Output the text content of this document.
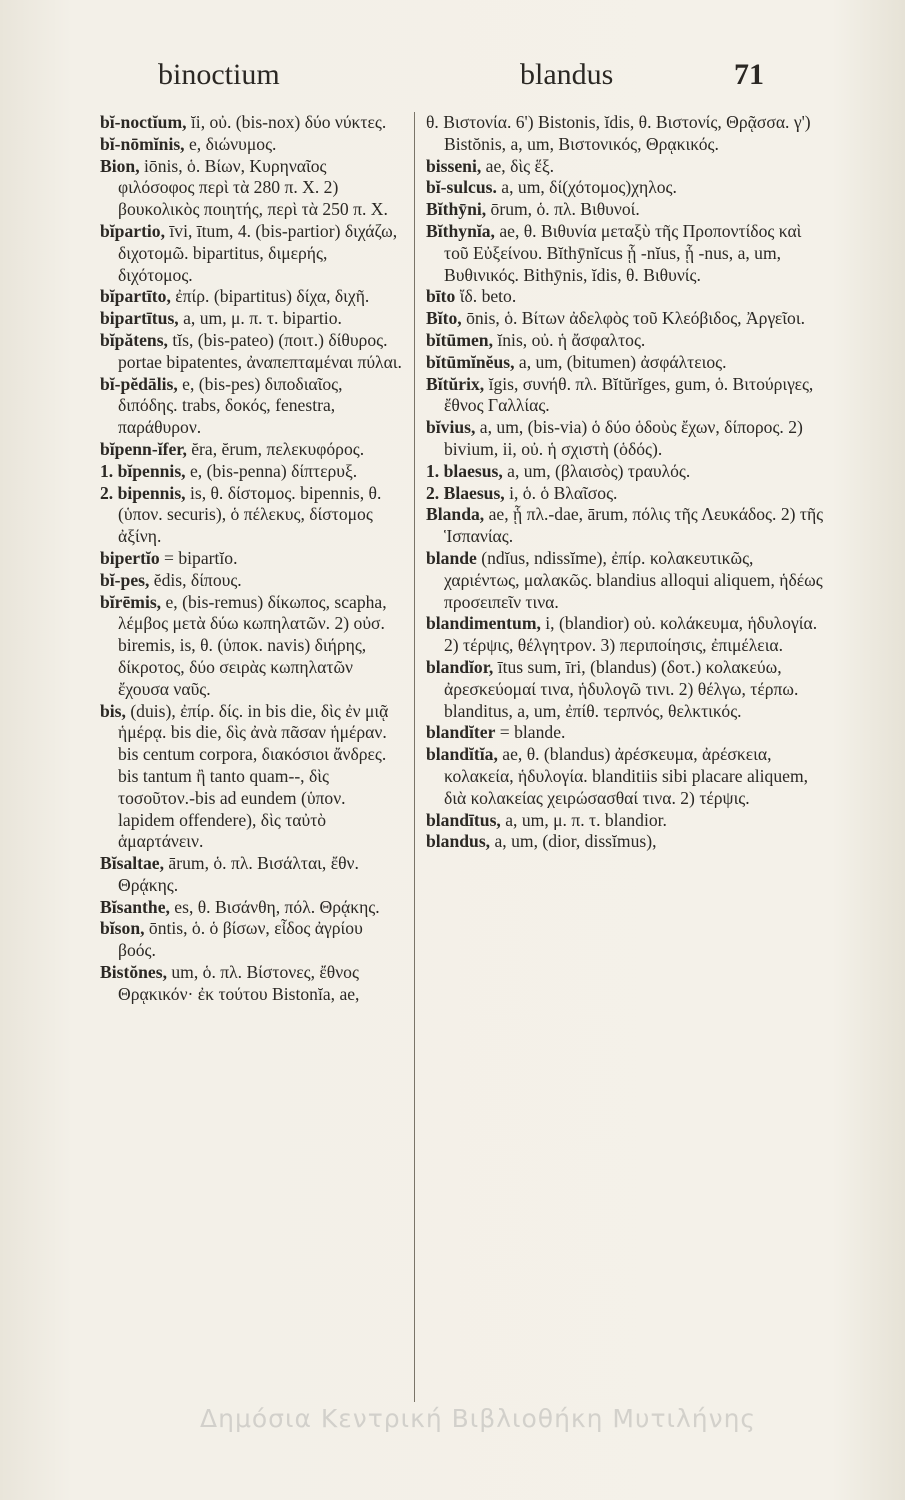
binoctium	blandus	71

bĭ-noctĭum, ĭi, οὐ. (bis-nox) δύο νύκτες.

bĭ-nōmĭnis, e, διώνυμος.

Bion, iōnis, ὁ. Βίων, Κυρηναῖος φιλόσοφος περὶ τὰ 280 π. Χ. 2) βουκολικὸς ποιητής, περὶ τὰ 250 π. Χ.

bĭpartio, īvi, ītum, 4. (bis-partior) διχάζω, διχοτομῶ. bipartitus, διμερής, διχότομος.

bĭpartīto, ἐπίρ. (bipartitus) δίχα, διχῆ.

bipartītus, a, um, μ. π. τ. bipartio.

bĭpătens, tĭs, (bis-pateo) (ποιτ.) δίθυρος. portae bipatentes, ἀναπεπταμέναι πύλαι.

bĭ-pĕdālis, e, (bis-pes) διποδιαῖος, διπόδης. trabs, δοκός, fenestra, παράθυρον.

bĭpenn-ĭfer, ĕra, ĕrum, πελεκυφόρος.

1. bĭpennis, e, (bis-penna) δίπτερυξ.

2. bipennis, is, θ. δίστομος. bipennis, θ. (ὑπον. securis), ὁ πέλεκυς, δίστομος ἀξίνη.

bipertĭo = bipartĭo.

bĭ-pes, ĕdis, δίπους.

bĭrēmis, e, (bis-remus) δίκωπος, scapha, λέμβος μετὰ δύω κωπηλατῶν. 2) οὐσ. biremis, is, θ. (ὑποκ. navis) διήρης, δίκροτος, δύο σειρὰς κωπηλατῶν ἔχουσα ναῦς.

bis, (duis), ἐπίρ. δίς. in bis die, δὶς ἐν μιᾷ ἡμέρᾳ. bis die, δὶς ἀνὰ πᾶσαν ἡμέραν. bis centum corpora, διακόσιοι ἄνδρες. bis tantum ἢ tanto quam--, δὶς τοσοῦτον.-bis ad eundem (ὑπον. lapidem offendere), δὶς ταὐτὸ ἁμαρτάνειν.

Bĭsaltae, ārum, ὁ. πλ. Βισάλται, ἔθν. Θρᾴκης.

Bĭsanthe, es, θ. Βισάνθη, πόλ. Θρᾴκης.

bĭson, ōntis, ὁ. ὁ βίσων, εἶδος ἀγρίου βοός.

Bistŏnes, um, ὁ. πλ. Βίστονες, ἔθνος Θρᾳκικόν· ἐκ τούτου Bistonĭa, ae,

θ. Βιστονία. 6') Bistonis, ĭdis, θ. Βιστονίς, Θρᾷσσα. γ') Bistŏnis, a, um, Βιστονικός, Θρᾳκικός.

bisseni, ae, δὶς ἕξ.

bĭ-sulcus. a, um, δί(χότομος)χηλος.

Bĭthȳni, ōrum, ὁ. πλ. Βιθυνοί.

Bĭthynĭa, ae, θ. Βιθυνία μεταξὺ τῆς Προποντίδος καὶ τοῦ Εὐξείνου. Bĭthȳnĭcus ᾗ -nĭus, ᾗ -nus, a, um, Βυθινικός. Bithȳnis, ĭdis, θ. Βιθυνίς.

bīto ἴδ. beto.

Bĭto, ōnis, ὁ. Βίτων ἀδελφὸς τοῦ Κλεόβιδος, Ἀργεῖοι.

bĭtūmen, ĭnis, οὐ. ἡ ἄσφαλτος.

bĭtūmĭnĕus, a, um, (bitumen) ἀσφάλτειος.

Bĭtŭrix, ĭgis, συνήθ. πλ. Bĭtŭrĭges, gum, ὁ. Βιτούριγες, ἔθνος Γαλλίας.

bĭvius, a, um, (bis-via) ὁ δύο ὁδοὺς ἔχων, δίπορος. 2) bivium, ii, οὐ. ἡ σχιστὴ (ὁδός).

1. blaesus, a, um, (βλαισὸς) τραυλός.

2. Blaesus, i, ὁ. ὁ Βλαῖσος.

Blanda, ae, ᾗ πλ.-dae, ārum, πόλις τῆς Λευκάδος. 2) τῆς Ἱσπανίας.

blande (ndĭus, ndissĭme), ἐπίρ. κολακευτικῶς, χαριέντως, μαλακῶς. blandius alloqui aliquem, ἡδέως προσειπεῖν τινα.

blandimentum, i, (blandior) οὐ. κολάκευμα, ἡδυλογία. 2) τέρψις, θέλγητρον. 3) περιποίησις, ἐπιμέλεια.

blandĭor, ītus sum, īri, (blandus) (δοτ.) κολακεύω, ἀρεσκεύομαί τινα, ἡδυλογῶ τινι. 2) θέλγω, τέρπω. blanditus, a, um, ἐπίθ. τερπνός, θελκτικός.

blandĭter = blande.

blandĭtĭa, ae, θ. (blandus) ἀρέσκευμα, ἀρέσκεια, κολακεία, ἡδυλογία. blanditiis sibi placare aliquem, διὰ κολακείας χειρώσασθαί τινα. 2) τέρψις.

blandītus, a, um, μ. π. τ. blandior.

blandus, a, um, (dior, dissĭmus),

Δημόσια Κεντρική Βιβλιοθήκη Μυτιλήνης
